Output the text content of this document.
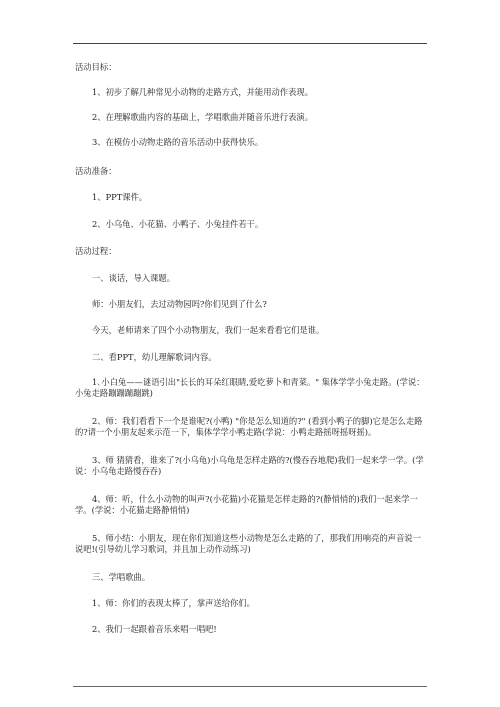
活动目标：
1、初步了解几种常见小动物的走路方式，并能用动作表现。
2、在理解歌曲内容的基础上，学唱歌曲并随音乐进行表演。
3、在模仿小动物走路的音乐活动中获得快乐。
活动准备：
1、PPT课件。
2、小乌龟、小花猫、小鸭子、小兔挂件若干。
活动过程：
一、谈话，导入课题。
师：小朋友们，去过动物园吗?你们见到了什么?
今天，老师请来了四个小动物朋友，我们一起来看看它们是谁。
二、看PPT，幼儿理解歌词内容。
1､小白兔——谜语引出"长长的耳朵红眼睛,爱吃萝卜和青菜。" 集体学学小兔走路。(学说：小兔走路蹦蹦蹦蹦跳)
2、师：我们看看下一个是谁呢?(小鸭) "你是怎么知道的?" (看到小鸭子的脚)它是怎么走路的?请一个小朋友起来示范一下，集体学学小鸭走路(学说：小鸭走路摇呀摇呀摇)。
3、师 猜猜看，谁来了?(小乌龟)小乌龟是怎样走路的?(慢吞吞地爬)我们一起来学一学。(学说：小乌龟走路慢吞吞)
4、师：听，什么小动物的叫声?(小花猫)小花猫是怎样走路的?(静悄悄的)我们一起来学一学。(学说：小花猫走路静悄悄)
5、师小结：小朋友，现在你们知道这些小动物是怎么走路的了，那我们用响亮的声音说一说吧!(引导幼儿学习歌词，并且加上动作动练习)
三、学唱歌曲。
1、师：你们的表现太棒了，掌声送给你们。
2、我们一起跟着音乐来唱一唱吧!
